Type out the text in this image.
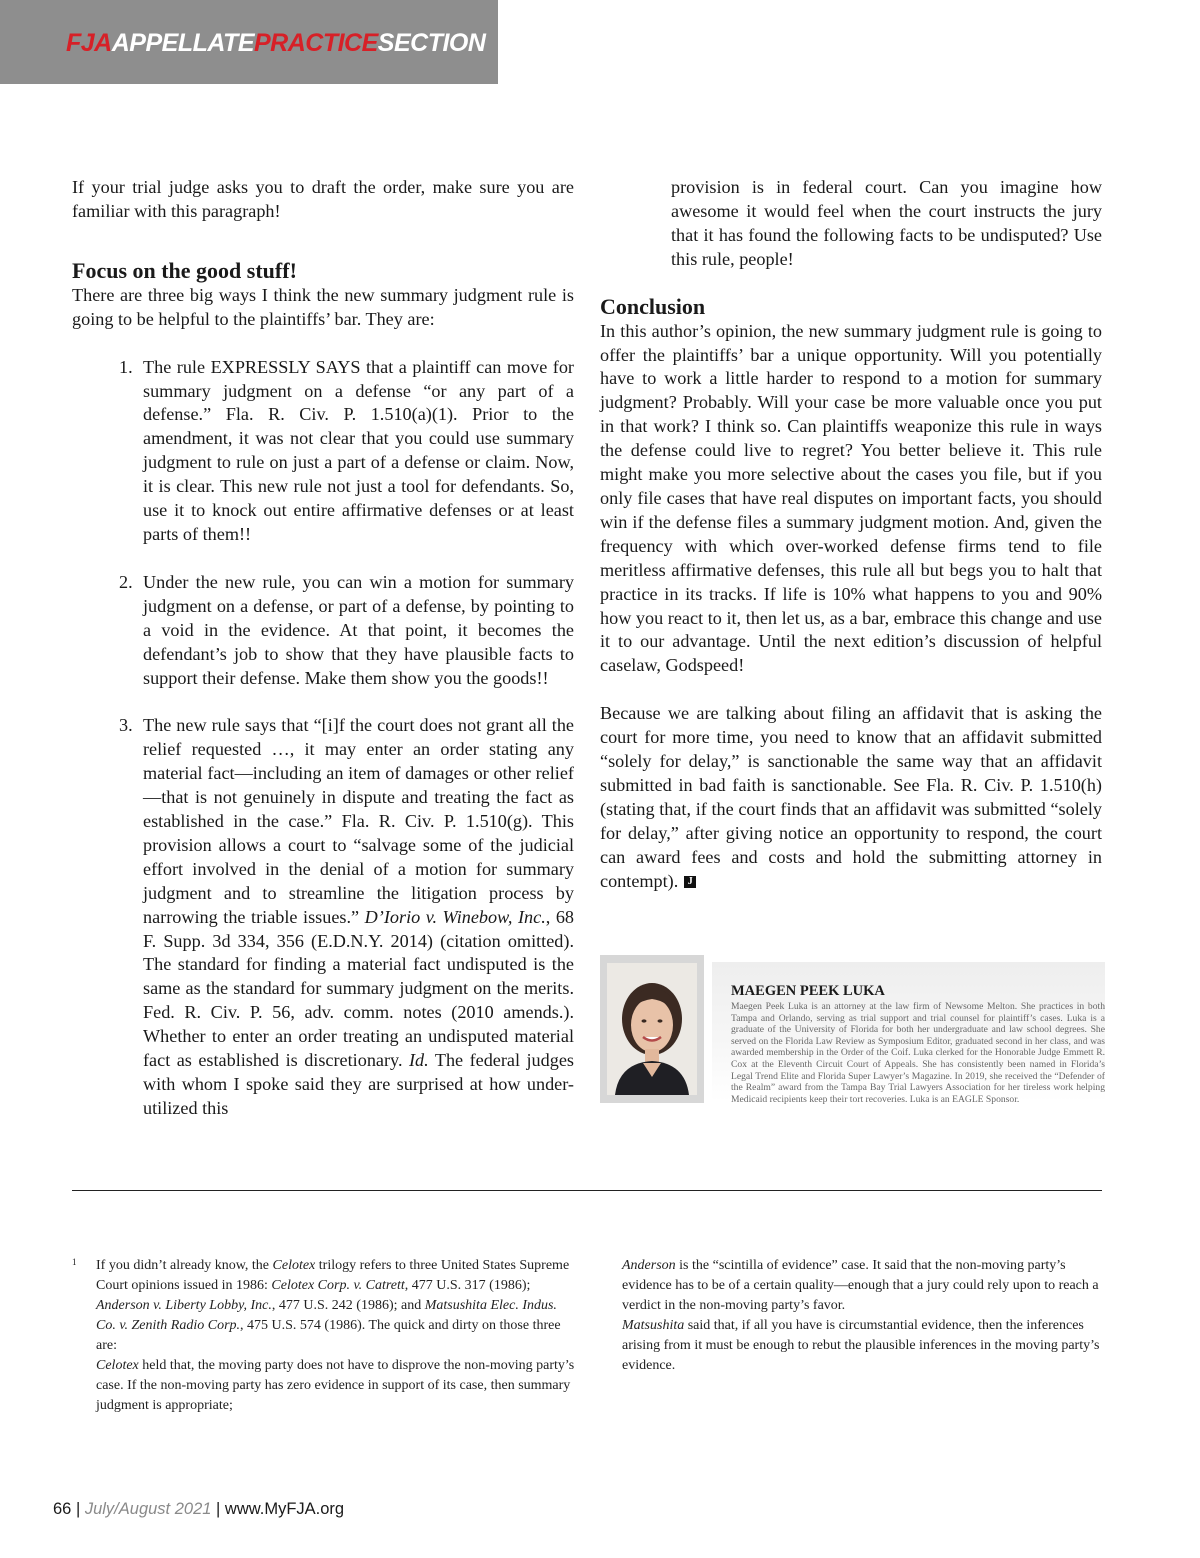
FJAAPPELLATEPRACTICESECTION

If your trial judge asks you to draft the order, make sure you are familiar with this paragraph!

Focus on the good stuff!

There are three big ways I think the new summary judgment rule is going to be helpful to the plaintiffs’ bar. They are:

1. The rule EXPRESSLY SAYS that a plaintiff can move for summary judgment on a defense “or any part of a defense.” Fla. R. Civ. P. 1.510(a)(1). Prior to the amendment, it was not clear that you could use summary judgment to rule on just a part of a defense or claim. Now, it is clear. This new rule not just a tool for defendants. So, use it to knock out entire affirmative defenses or at least parts of them!!
2. Under the new rule, you can win a motion for summary judgment on a defense, or part of a defense, by pointing to a void in the evidence. At that point, it becomes the defendant’s job to show that they have plausible facts to support their defense. Make them show you the goods!!
3. The new rule says that “[i]f the court does not grant all the relief requested …, it may enter an order stating any material fact—including an item of damages or other relief—that is not genuinely in dispute and treating the fact as established in the case.” Fla. R. Civ. P. 1.510(g). This provision allows a court to “salvage some of the judicial effort involved in the denial of a motion for summary judgment and to streamline the litigation process by narrowing the triable issues.” D’Iorio v. Winebow, Inc., 68 F. Supp. 3d 334, 356 (E.D.N.Y. 2014) (citation omitted). The standard for finding a material fact undisputed is the same as the standard for summary judgment on the merits. Fed. R. Civ. P. 56, adv. comm. notes (2010 amends.). Whether to enter an order treating an undisputed material fact as established is discretionary. Id. The federal judges with whom I spoke said they are surprised at how under-utilized this

provision is in federal court. Can you imagine how awesome it would feel when the court instructs the jury that it has found the following facts to be undisputed? Use this rule, people!

Conclusion

In this author’s opinion, the new summary judgment rule is going to offer the plaintiffs’ bar a unique opportunity. Will you potentially have to work a little harder to respond to a motion for summary judgment? Probably. Will your case be more valuable once you put in that work? I think so. Can plaintiffs weaponize this rule in ways the defense could live to regret? You better believe it. This rule might make you more selective about the cases you file, but if you only file cases that have real disputes on important facts, you should win if the defense files a summary judgment motion. And, given the frequency with which over-worked defense firms tend to file meritless affirmative defenses, this rule all but begs you to halt that practice in its tracks. If life is 10% what happens to you and 90% how you react to it, then let us, as a bar, embrace this change and use it to our advantage. Until the next edition’s discussion of helpful caselaw, Godspeed!

Because we are talking about filing an affidavit that is asking the court for more time, you need to know that an affidavit submitted “solely for delay,” is sanctionable the same way that an affidavit submitted in bad faith is sanctionable. See Fla. R. Civ. P. 1.510(h) (stating that, if the court finds that an affidavit was submitted “solely for delay,” after giving notice an opportunity to respond, the court can award fees and costs and hold the submitting attorney in contempt). J

MAEGEN PEEK LUKA
Maegen Peek Luka is an attorney at the law firm of Newsome Melton. She practices in both Tampa and Orlando, serving as trial support and trial counsel for plaintiff’s cases. Luka is a graduate of the University of Florida for both her undergraduate and law school degrees. She served on the Florida Law Review as Symposium Editor, graduated second in her class, and was awarded membership in the Order of the Coif. Luka clerked for the Honorable Judge Emmett R. Cox at the Eleventh Circuit Court of Appeals. She has consistently been named in Florida’s Legal Trend Elite and Florida Super Lawyer’s Magazine. In 2019, she received the “Defender of the Realm” award from the Tampa Bay Trial Lawyers Association for her tireless work helping Medicaid recipients keep their tort recoveries. Luka is an EAGLE Sponsor.
1 If you didn’t already know, the Celotex trilogy refers to three United States Supreme Court opinions issued in 1986: Celotex Corp. v. Catrett, 477 U.S. 317 (1986); Anderson v. Liberty Lobby, Inc., 477 U.S. 242 (1986); and Matsushita Elec. Indus. Co. v. Zenith Radio Corp., 475 U.S. 574 (1986). The quick and dirty on those three are:

Celotex held that, the moving party does not have to disprove the non-moving party’s case. If the non-moving party has zero evidence in support of its case, then summary judgment is appropriate;

Anderson is the “scintilla of evidence” case. It said that the non-moving party’s evidence has to be of a certain quality—enough that a jury could rely upon to reach a verdict in the non-moving party’s favor.

Matsushita said that, if all you have is circumstantial evidence, then the inferences arising from it must be enough to rebut the plausible inferences in the moving party’s evidence.

66 | July/August 2021 | www.MyFJA.org
